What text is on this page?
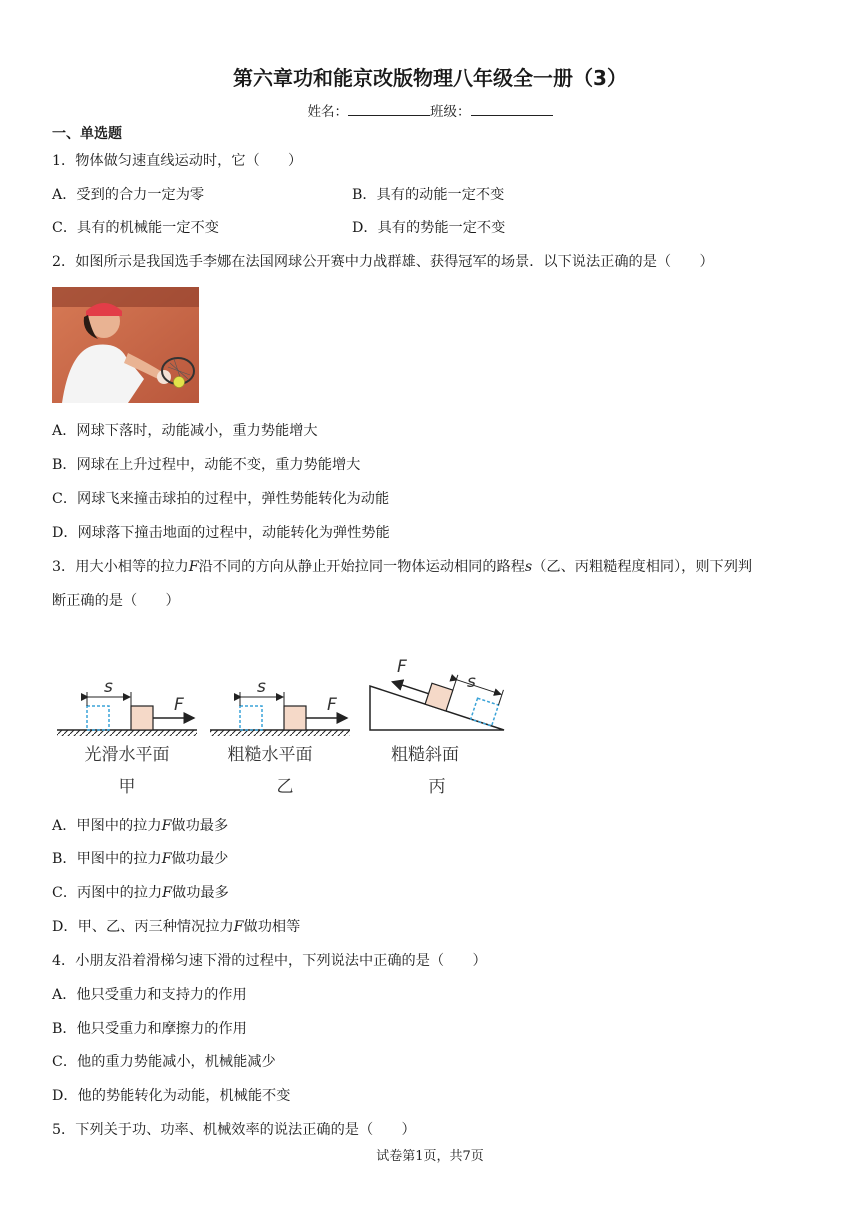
第六章功和能京改版物理八年级全一册（3）
姓名：	班级：
一、单选题
1．物体做匀速直线运动时，它（　　）
A．受到的合力一定为零	B．具有的动能一定不变
C．具有的机械能一定不变	D．具有的势能一定不变
2．如图所示是我国选手李娜在法国网球公开赛中力战群雄、获得冠军的场景．以下说法正确的是（　　）
A．网球下落时，动能减小，重力势能增大
B．网球在上升过程中，动能不变，重力势能增大
C．网球飞来撞击球拍的过程中，弹性势能转化为动能
D．网球落下撞击地面的过程中，动能转化为弹性势能
3．用大小相等的拉力F沿不同的方向从静止开始拉同一物体运动相同的路程s（乙、丙粗糙程度相同），则下列判
断正确的是（　　）
s
F
光滑水平面
甲
s
F
粗糙水平面
乙
F
s
粗糙斜面
丙
A．甲图中的拉力F做功最多
B．甲图中的拉力F做功最少
C．丙图中的拉力F做功最多
D．甲、乙、丙三种情况拉力F做功相等
4．小朋友沿着滑梯匀速下滑的过程中，下列说法中正确的是（　　）
A．他只受重力和支持力的作用
B．他只受重力和摩擦力的作用
C．他的重力势能减小，机械能减少
D．他的势能转化为动能，机械能不变
5．下列关于功、功率、机械效率的说法正确的是（　　）
试卷第1页，共7页
